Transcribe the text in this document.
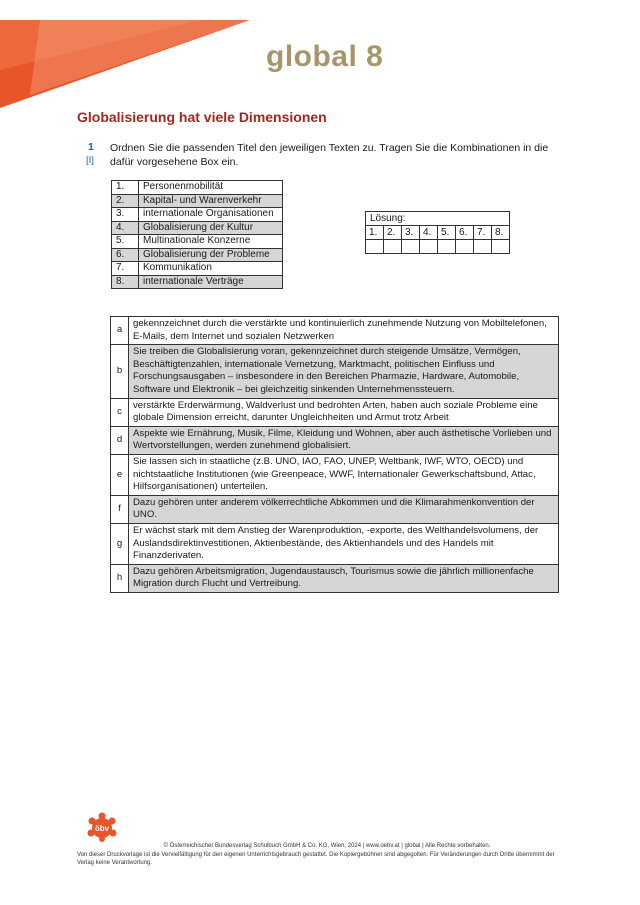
global 8
Globalisierung hat viele Dimensionen
1
[I]
Ordnen Sie die passenden Titel den jeweiligen Texten zu. Tragen Sie die Kombinationen in die dafür vorgesehene Box ein.
1.	Personenmobilität
2.	Kapital- und Warenverkehr
3.	internationale Organisationen
4.	Globalisierung der Kultur
5.	Multinationale Konzerne
6.	Globalisierung der Probleme
7.	Kommunikation
8.	internationale Verträge
Lösung:							
1.	2.	3.	4.	5.	6.	7.	8.

a	gekennzeichnet durch die verstärkte und kontinuierlich zunehmende Nutzung von Mobiltelefonen, E-Mails, dem Internet und sozialen Netzwerken
b	Sie treiben die Globalisierung voran, gekennzeichnet durch steigende Umsätze, Vermögen, Beschäftigtenzahlen, internationale Vernetzung, Marktmacht, politischen Einfluss und Forschungsausgaben – insbesondere in den Bereichen Pharmazie, Hardware, Automobile, Software und Elektronik – bei gleichzeitig sinkenden Unternehmenssteuern.
c	verstärkte Erderwärmung, Waldverlust und bedrohten Arten, haben auch soziale Probleme eine globale Dimension erreicht, darunter Ungleichheiten und Armut trotz Arbeit
d	Aspekte wie Ernährung, Musik, Filme, Kleidung und Wohnen, aber auch ästhetische Vorlieben und Wertvorstellungen, werden zunehmend globalisiert.
e	Sie lassen sich in staatliche (z.B. UNO, IAO, FAO, UNEP, Weltbank, IWF, WTO, OECD) und nichtstaatliche Institutionen (wie Greenpeace, WWF, Internationaler Gewerkschaftsbund, Attac, Hilfsorganisationen) unterteilen.
f	Dazu gehören unter anderem völkerrechtliche Abkommen und die Klimarahmenkonvention der UNO.
g	Er wächst stark mit dem Anstieg der Warenproduktion, -exporte, des Welthandelsvolumens, der Auslandsdirektinvestitionen, Aktienbestände, des Aktienhandels und des Handels mit Finanzderivaten.
h	Dazu gehören Arbeitsmigration, Jugendaustausch, Tourismus sowie die jährlich millionenfache Migration durch Flucht und Vertreibung.
öbv
© Österreichischer Bundesverlag Schulbuch GmbH & Co. KG, Wien, 2024 | www.oebv.at | global | Alle Rechte vorbehalten.
Von dieser Druckvorlage ist die Vervielfältigung für den eigenen Unterrichtsgebrauch gestattet. Die Kopiergebühren sind abgegolten. Für Veränderungen durch Dritte übernimmt der Verlag keine Verantwortung.
